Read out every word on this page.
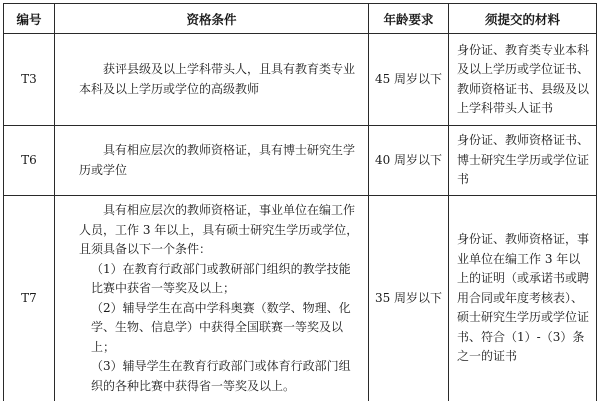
编号	资格条件	年龄要求	须提交的材料
T3	获评县级及以上学科带头人，且具有教育类专业本科及以上学历或学位的高级教师	45 周岁以下	身份证、教育类专业本科及以上学历或学位证书、教师资格证书、县级及以上学科带头人证书
T6	具有相应层次的教师资格证，具有博士研究生学历或学位	40 周岁以下	身份证、教师资格证书、博士研究生学历或学位证书
T7	具有相应层次的教师资格证，事业单位在编工作人员，工作 3 年以上，具有硕士研究生学历或学位，且须具备以下一个条件：

（1）在教育行政部门或教研部门组织的教学技能比赛中获省一等奖及以上；

（2）辅导学生在高中学科奥赛（数学、物理、化学、生物、信息学）中获得全国联赛一等奖及以上；

（3）辅导学生在教育行政部门或体育行政部门组织的各种比赛中获得省一等奖及以上。	35 周岁以下	身份证、教师资格证，事业单位在编工作 3 年以上的证明（或承诺书或聘用合同或年度考核表）、硕士研究生学历或学位证书、符合（1）-（3）条之一的证书
